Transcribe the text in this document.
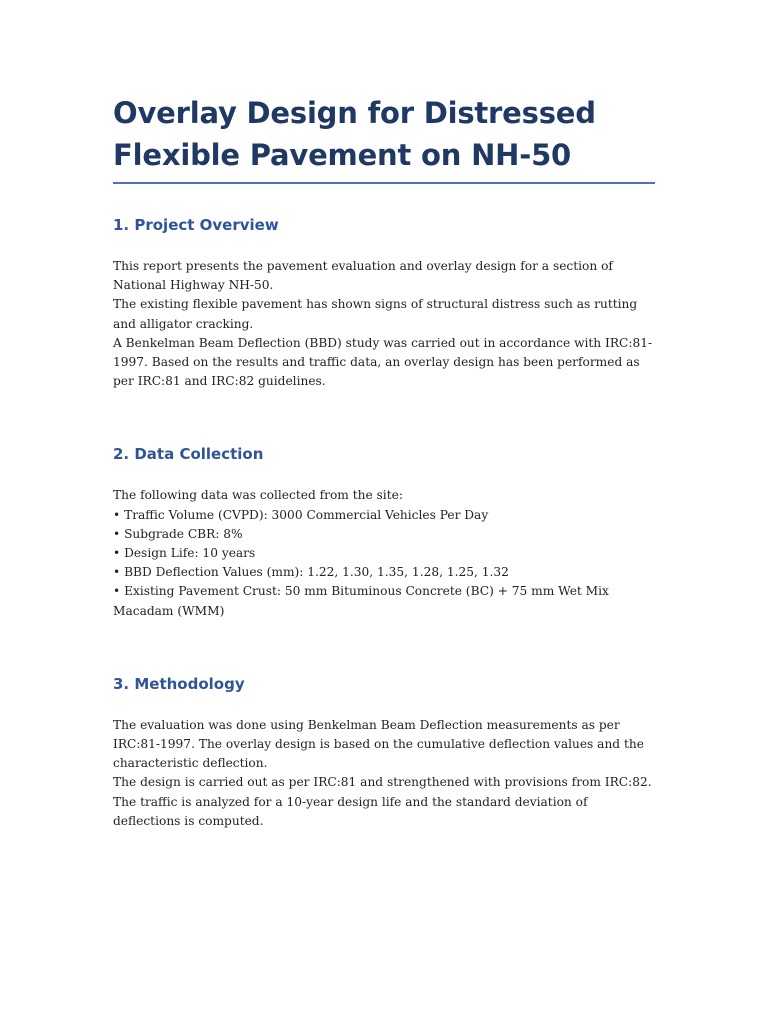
Overlay Design for Distressed Flexible Pavement on NH-50
1. Project Overview

This report presents the pavement evaluation and overlay design for a section of National Highway NH-50.

The existing flexible pavement has shown signs of structural distress such as rutting and alligator cracking.

A Benkelman Beam Deflection (BBD) study was carried out in accordance with IRC:81-1997. Based on the results and traffic data, an overlay design has been performed as per IRC:81 and IRC:82 guidelines.

2. Data Collection

The following data was collected from the site:

• Traffic Volume (CVPD): 3000 Commercial Vehicles Per Day
• Subgrade CBR: 8%
• Design Life: 10 years
• BBD Deflection Values (mm): 1.22, 1.30, 1.35, 1.28, 1.25, 1.32
• Existing Pavement Crust: 50 mm Bituminous Concrete (BC) + 75 mm Wet Mix Macadam (WMM)
3. Methodology

The evaluation was done using Benkelman Beam Deflection measurements as per IRC:81-1997. The overlay design is based on the cumulative deflection values and the characteristic deflection.

The design is carried out as per IRC:81 and strengthened with provisions from IRC:82. The traffic is analyzed for a 10-year design life and the standard deviation of deflections is computed.
